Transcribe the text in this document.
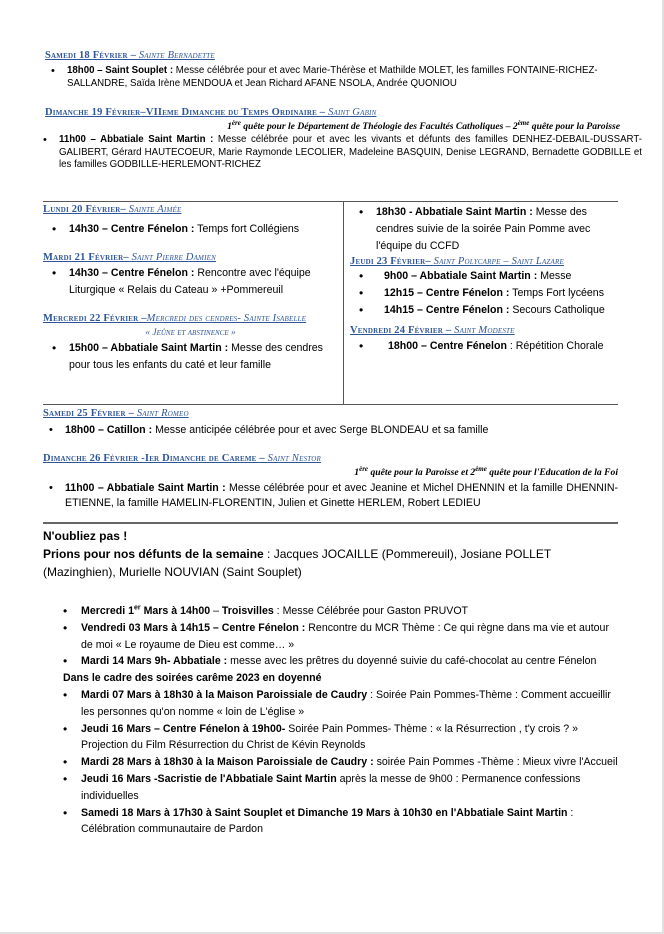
Samedi 18 Février – Sainte Bernadette
• 18h00 – Saint Souplet : Messe célébrée pour et avec Marie-Thérèse et Mathilde MOLET, les familles FONTAINE-RICHEZ-SALLANDRE, Saïda Irène MENDOUA et Jean Richard AFANE NSOLA, Andrée QUONIOU
Dimanche 19 Février–VIIeme Dimanche du Temps Ordinaire – Saint Gabin
1ère quête pour le Département de Théologie des Facultés Catholiques – 2ème quête pour la Paroisse
• 11h00 – Abbatiale Saint Martin : Messe célébrée pour et avec les vivants et défunts des familles DENHEZ-DEBAIL-DUSSART-GALIBERT, Gérard HAUTECOEUR, Marie Raymonde LECOLIER, Madeleine BASQUIN, Denise LEGRAND, Bernadette GODBILLE et les familles GODBILLE-HERLEMONT-RICHEZ
Lundi 20 Février– Sainte Aimée
• 14h30 – Centre Fénelon : Temps fort Collégiens
Mardi 21 Février– Saint Pierre Damien
• 14h30 – Centre Fénelon : Rencontre avec l'équipe Liturgique « Relais du Cateau » +Pommereuil
Mercredi 22 Février –Mercredi des cendres- Sainte Isabelle
« Jeûne et abstinence »
• 15h00 – Abbatiale Saint Martin : Messe des cendres pour tous les enfants du caté et leur famille
• 18h30 - Abbatiale Saint Martin : Messe des cendres suivie de la soirée Pain Pomme avec l'équipe du CCFD
Jeudi 23 Février– Saint Polycarpe – Saint Lazare
• 9h00 – Abbatiale Saint Martin : Messe
• 12h15 – Centre Fénelon : Temps Fort lycéens
• 14h15 – Centre Fénelon : Secours Catholique
Vendredi 24 Février – Saint Modeste
• 18h00 – Centre Fénelon : Répétition Chorale
Samedi 25 Février – Saint Romeo
• 18h00 – Catillon : Messe anticipée célébrée pour et avec Serge BLONDEAU et sa famille
Dimanche 26 Février -Ier Dimanche de Careme – Saint Nestor
1ère quête pour la Paroisse et 2ème quête pour l'Education de la Foi
• 11h00 – Abbatiale Saint Martin : Messe célébrée pour et avec Jeanine et Michel DHENNIN et la famille DHENNIN-ETIENNE, la famille HAMELIN-FLORENTIN, Julien et Ginette HERLEM, Robert LEDIEU
N'oubliez pas !
Prions pour nos défunts de la semaine : Jacques JOCAILLE (Pommereuil), Josiane POLLET (Mazinghien), Murielle NOUVIAN (Saint Souplet)
• Mercredi 1er Mars à 14h00 – Troisvilles : Messe Célébrée pour Gaston PRUVOT
• Vendredi 03 Mars à 14h15 – Centre Fénelon : Rencontre du MCR Thème : Ce qui règne dans ma vie et autour de moi « Le royaume de Dieu est comme… »
• Mardi 14 Mars 9h- Abbatiale : messe avec les prêtres du doyenné suivie du café-chocolat au centre Fénelon
Dans le cadre des soirées carême 2023 en doyenné
• Mardi 07 Mars à 18h30 à la Maison Paroissiale de Caudry : Soirée Pain Pommes-Thème : Comment accueillir les personnes qu'on nomme « loin de L'église »
• Jeudi 16 Mars – Centre Fénelon à 19h00- Soirée Pain Pommes- Thème : « la Résurrection , t'y crois ? » Projection du Film Résurrection du Christ de Kévin Reynolds
• Mardi 28 Mars à 18h30 à la Maison Paroissiale de Caudry : soirée Pain Pommes -Thème : Mieux vivre l'Accueil
• Jeudi 16 Mars -Sacristie de l'Abbatiale Saint Martin après la messe de 9h00 : Permanence confessions individuelles
• Samedi 18 Mars à 17h30 à Saint Souplet et Dimanche 19 Mars à 10h30 en l'Abbatiale Saint Martin : Célébration communautaire de Pardon
